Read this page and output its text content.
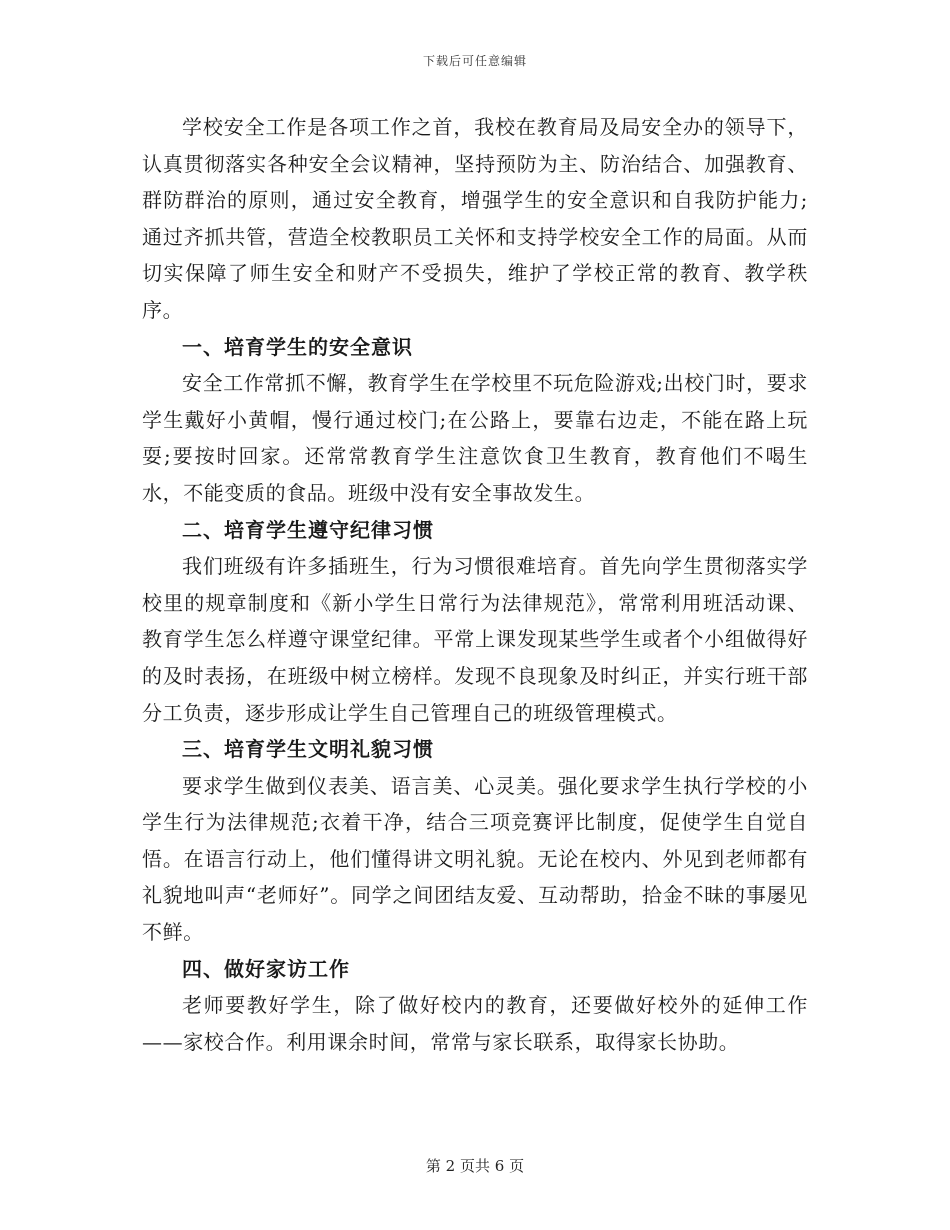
下载后可任意编辑

学校安全工作是各项工作之首，我校在教育局及局安全办的领导下，认真贯彻落实各种安全会议精神，坚持预防为主、防治结合、加强教育、群防群治的原则，通过安全教育，增强学生的安全意识和自我防护能力;通过齐抓共管，营造全校教职员工关怀和支持学校安全工作的局面。从而切实保障了师生安全和财产不受损失，维护了学校正常的教育、教学秩序。

一、培育学生的安全意识

安全工作常抓不懈，教育学生在学校里不玩危险游戏;出校门时，要求学生戴好小黄帽，慢行通过校门;在公路上，要靠右边走，不能在路上玩耍;要按时回家。还常常教育学生注意饮食卫生教育，教育他们不喝生水，不能变质的食品。班级中没有安全事故发生。

二、培育学生遵守纪律习惯

我们班级有许多插班生，行为习惯很难培育。首先向学生贯彻落实学校里的规章制度和《新小学生日常行为法律规范》，常常利用班活动课、教育学生怎么样遵守课堂纪律。平常上课发现某些学生或者个小组做得好的及时表扬，在班级中树立榜样。发现不良现象及时纠正，并实行班干部分工负责，逐步形成让学生自己管理自己的班级管理模式。

三、培育学生文明礼貌习惯

要求学生做到仪表美、语言美、心灵美。强化要求学生执行学校的小学生行为法律规范;衣着干净，结合三项竞赛评比制度，促使学生自觉自悟。在语言行动上，他们懂得讲文明礼貌。无论在校内、外见到老师都有礼貌地叫声“老师好”。同学之间团结友爱、互动帮助，拾金不昧的事屡见不鲜。

四、做好家访工作

老师要教好学生，除了做好校内的教育，还要做好校外的延伸工作——家校合作。利用课余时间，常常与家长联系，取得家长协助。

第 2 页共 6 页
